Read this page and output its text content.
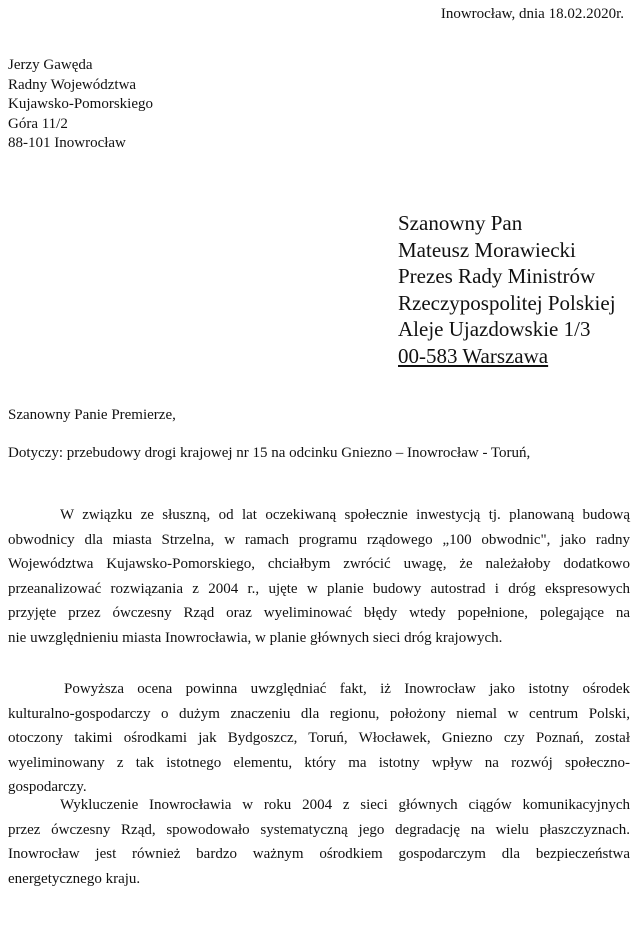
Inowrocław, dnia 18.02.2020r.
Jerzy Gawęda
Radny Województwa
Kujawsko-Pomorskiego
Góra 11/2
88-101 Inowrocław
Szanowny Pan
Mateusz Morawiecki
Prezes Rady Ministrów
Rzeczypospolitej Polskiej
Aleje Ujazdowskie 1/3
00-583 Warszawa
Szanowny Panie Premierze,
Dotyczy: przebudowy drogi krajowej nr 15 na odcinku Gniezno – Inowrocław - Toruń,
W związku ze słuszną, od lat oczekiwaną społecznie inwestycją tj. planowaną budową
obwodnicy dla miasta Strzelna, w ramach programu rządowego „100 obwodnic", jako radny
Województwa Kujawsko-Pomorskiego, chciałbym zwrócić uwagę, że należałoby dodatkowo
przeanalizować rozwiązania z 2004 r., ujęte w planie budowy autostrad i dróg ekspresowych
przyjęte przez ówczesny Rząd oraz wyeliminować błędy wtedy popełnione, polegające na
nie uwzględnieniu miasta Inowrocławia, w planie głównych sieci dróg krajowych.
Powyższa ocena powinna uwzględniać fakt, iż Inowrocław jako istotny ośrodek
kulturalno-gospodarczy o dużym znaczeniu dla regionu, położony niemal w centrum Polski,
otoczony takimi ośrodkami jak Bydgoszcz, Toruń, Włocławek, Gniezno czy Poznań, został
wyeliminowany z tak istotnego elementu, który ma istotny wpływ na rozwój społeczno-
gospodarczy.
Wykluczenie Inowrocławia w roku 2004 z sieci głównych ciągów komunikacyjnych
przez ówczesny Rząd, spowodowało systematyczną jego degradację na wielu płaszczyznach.
Inowrocław jest również bardzo ważnym ośrodkiem gospodarczym dla bezpieczeństwa
energetycznego kraju.
